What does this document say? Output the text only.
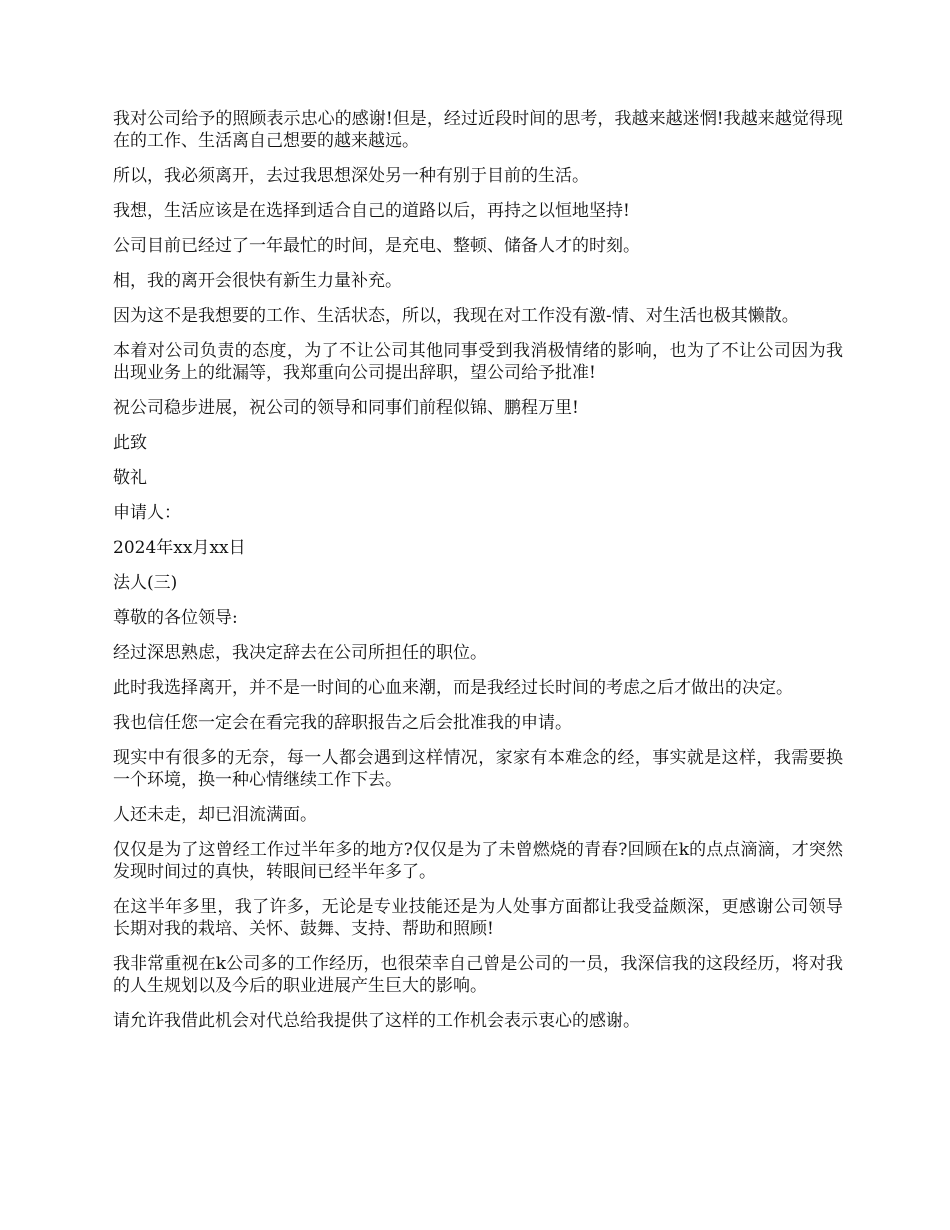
我对公司给予的照顾表示忠心的感谢!但是，经过近段时间的思考，我越来越迷惘!我越来越觉得现在的工作、生活离自己想要的越来越远。

所以，我必须离开，去过我思想深处另一种有别于目前的生活。

我想，生活应该是在选择到适合自己的道路以后，再持之以恒地坚持!

公司目前已经过了一年最忙的时间，是充电、整顿、储备人才的时刻。

相，我的离开会很快有新生力量补充。

因为这不是我想要的工作、生活状态，所以，我现在对工作没有激-情、对生活也极其懒散。

本着对公司负责的态度，为了不让公司其他同事受到我消极情绪的影响，也为了不让公司因为我出现业务上的纰漏等，我郑重向公司提出辞职，望公司给予批准!

祝公司稳步进展，祝公司的领导和同事们前程似锦、鹏程万里!

此致

敬礼

申请人：

2024年xx月xx日

法人(三)

尊敬的各位领导:

经过深思熟虑，我决定辞去在公司所担任的职位。

此时我选择离开，并不是一时间的心血来潮，而是我经过长时间的考虑之后才做出的决定。

我也信任您一定会在看完我的辞职报告之后会批准我的申请。

现实中有很多的无奈，每一人都会遇到这样情况，家家有本难念的经，事实就是这样，我需要换一个环境，换一种心情继续工作下去。

人还未走，却已泪流满面。

仅仅是为了这曾经工作过半年多的地方?仅仅是为了未曾燃烧的青春?回顾在k的点点滴滴，才突然发现时间过的真快，转眼间已经半年多了。

在这半年多里，我了许多，无论是专业技能还是为人处事方面都让我受益颇深，更感谢公司领导长期对我的栽培、关怀、鼓舞、支持、帮助和照顾!

我非常重视在k公司多的工作经历，也很荣幸自己曾是公司的一员，我深信我的这段经历，将对我的人生规划以及今后的职业进展产生巨大的影响。

请允许我借此机会对代总给我提供了这样的工作机会表示衷心的感谢。
